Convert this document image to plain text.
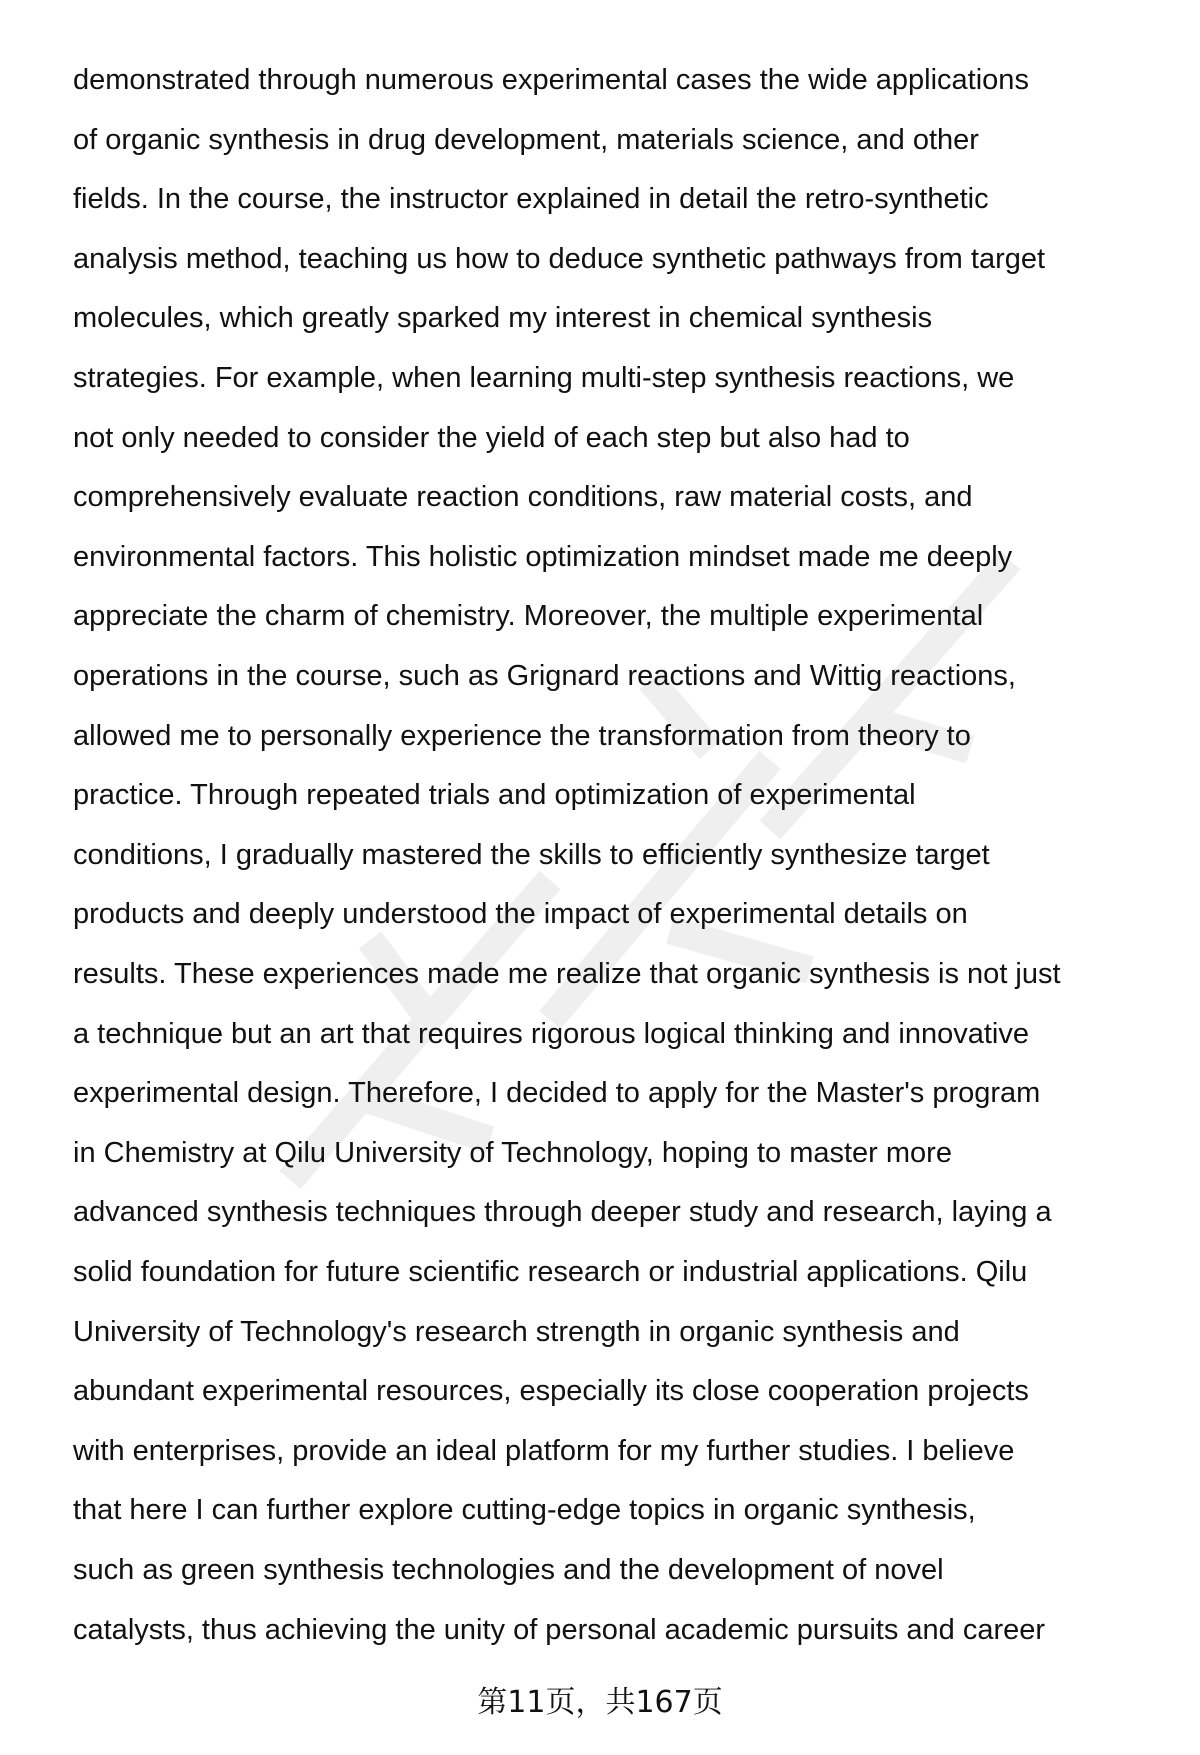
demonstrated through numerous experimental cases the wide applications
of organic synthesis in drug development, materials science, and other
fields. In the course, the instructor explained in detail the retro-synthetic
analysis method, teaching us how to deduce synthetic pathways from target
molecules, which greatly sparked my interest in chemical synthesis
strategies. For example, when learning multi-step synthesis reactions, we
not only needed to consider the yield of each step but also had to
comprehensively evaluate reaction conditions, raw material costs, and
environmental factors. This holistic optimization mindset made me deeply
appreciate the charm of chemistry. Moreover, the multiple experimental
operations in the course, such as Grignard reactions and Wittig reactions,
allowed me to personally experience the transformation from theory to
practice. Through repeated trials and optimization of experimental
conditions, I gradually mastered the skills to efficiently synthesize target
products and deeply understood the impact of experimental details on
results. These experiences made me realize that organic synthesis is not just
a technique but an art that requires rigorous logical thinking and innovative
experimental design. Therefore, I decided to apply for the Master's program
in Chemistry at Qilu University of Technology, hoping to master more
advanced synthesis techniques through deeper study and research, laying a
solid foundation for future scientific research or industrial applications. Qilu
University of Technology's research strength in organic synthesis and
abundant experimental resources, especially its close cooperation projects
with enterprises, provide an ideal platform for my further studies. I believe
that here I can further explore cutting-edge topics in organic synthesis,
such as green synthesis technologies and the development of novel
catalysts, thus achieving the unity of personal academic pursuits and career
第11页，共167页
